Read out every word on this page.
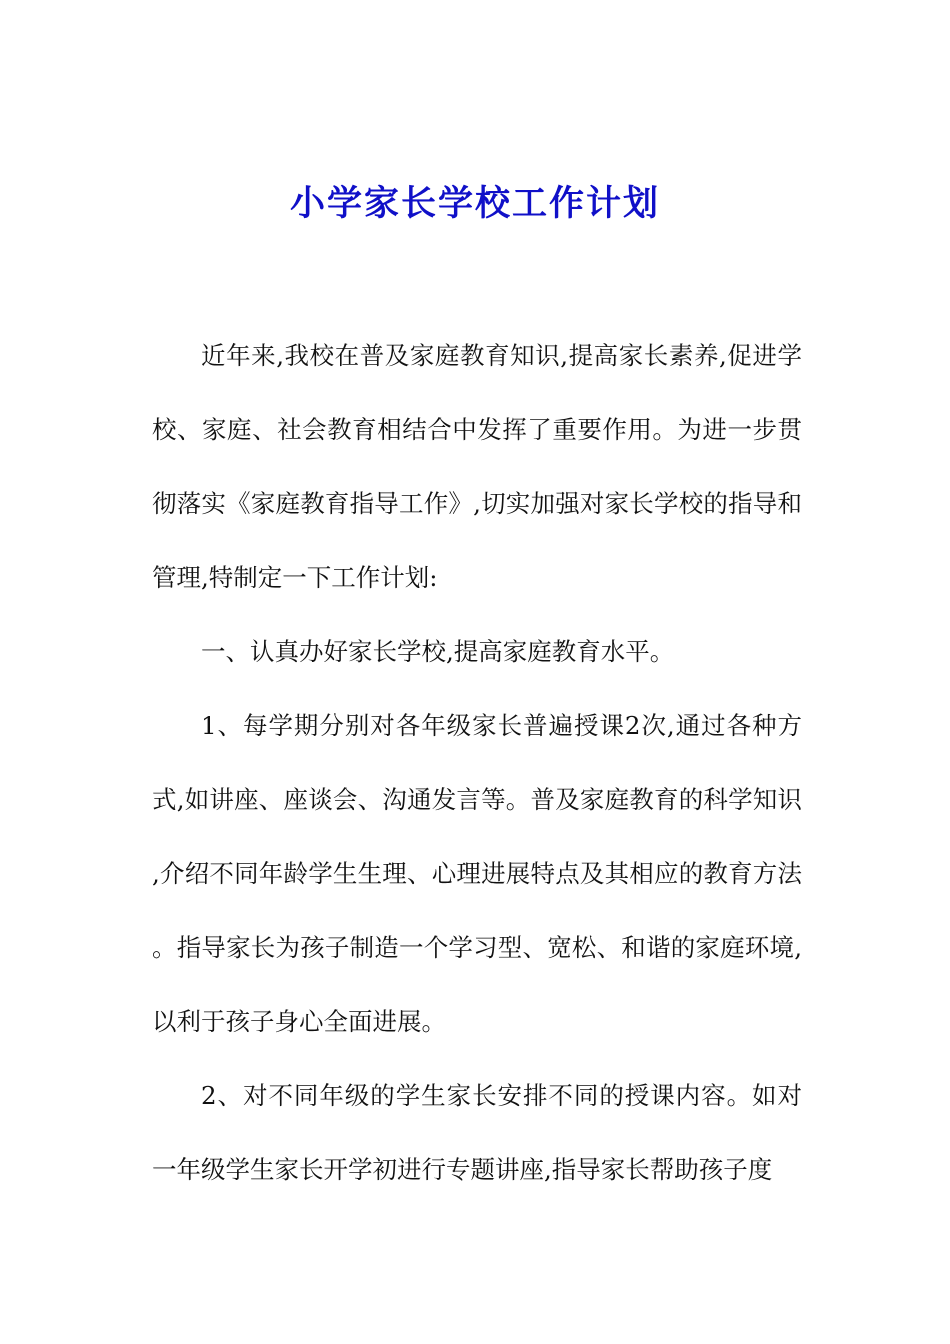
小学家长学校工作计划

近年来,我校在普及家庭教育知识,提高家长素养,促进学校、家庭、社会教育相结合中发挥了重要作用。为进一步贯彻落实《家庭教育指导工作》,切实加强对家长学校的指导和管理,特制定一下工作计划:

一、认真办好家长学校,提高家庭教育水平。

1、每学期分别对各年级家长普遍授课2次,通过各种方式,如讲座、座谈会、沟通发言等。普及家庭教育的科学知识,介绍不同年龄学生生理、心理进展特点及其相应的教育方法。指导家长为孩子制造一个学习型、宽松、和谐的家庭环境,以利于孩子身心全面进展。

2、对不同年级的学生家长安排不同的授课内容。如对一年级学生家长开学初进行专题讲座,指导家长帮助孩子度
